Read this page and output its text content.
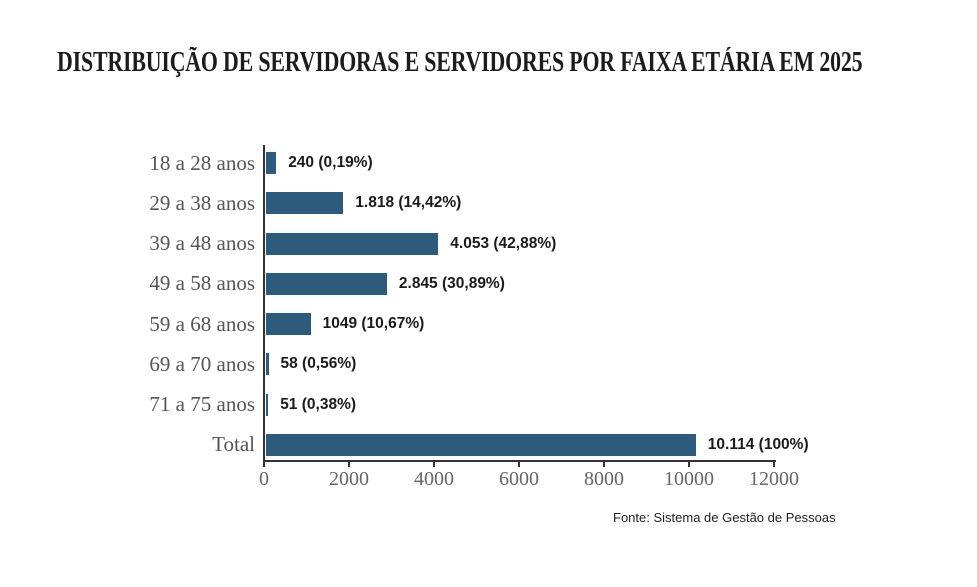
DISTRIBUIÇÃO DE SERVIDORAS E SERVIDORES POR FAIXA ETÁRIA EM 2025
18 a 28 anos 240 (0,19%)
29 a 38 anos	1.818 (14,42%)
39 a 48 anos	4.053 (42,88%)
49 a 58 anos	2.845 (30,89%)
59 a 68 anos	1049 (10,67%)
69 a 70 anos 58 (0,56%)
71 a 75 anos 51 (0,38%)
Total	10.114 (100%)
0	2000	4000	6000	8000	10000	12000
Fonte: Sistema de Gestão de Pessoas
